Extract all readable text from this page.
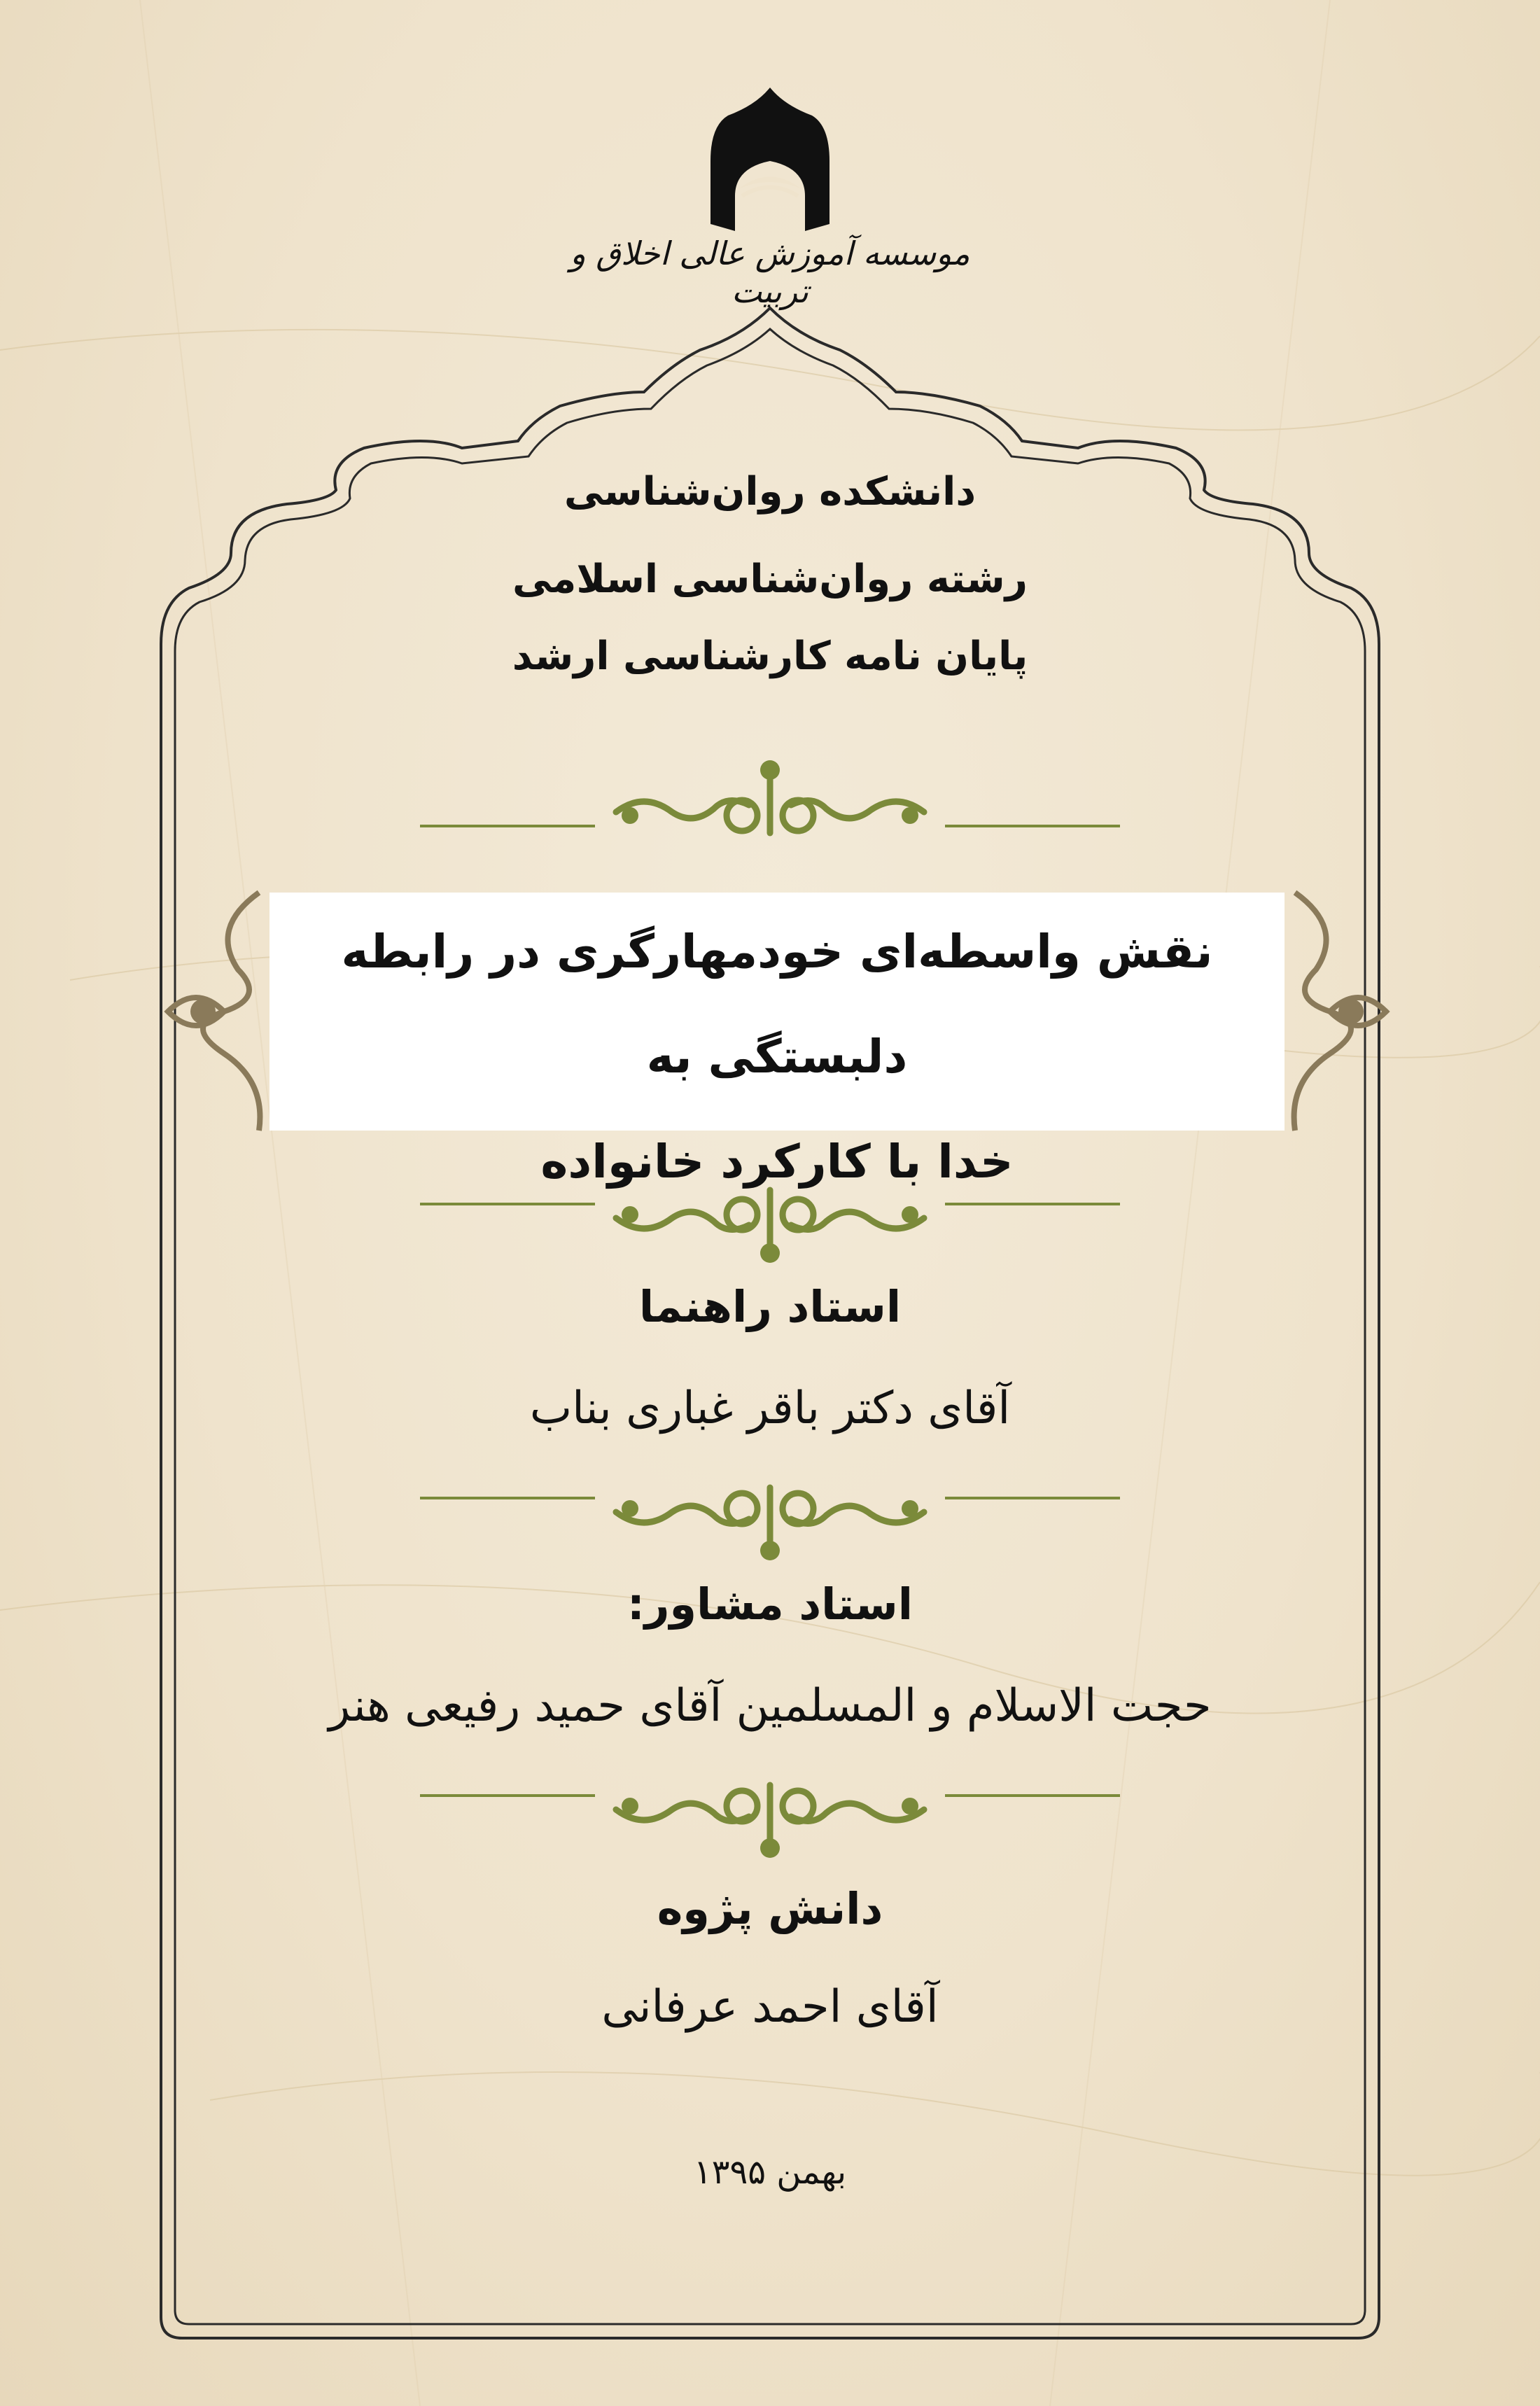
موسسه آموزش عالی اخلاق و تربیت
دانشکده روان‌شناسی
رشته روان‌شناسی اسلامی
پایان نامه کارشناسی ارشد
نقش واسطه‌ای خودمهارگری در رابطه دلبستگی به
خدا با کارکرد خانواده
استاد راهنما
آقای دکتر باقر غباری بناب
استاد مشاور:
حجت الاسلام و المسلمین آقای حمید رفیعی هنر
دانش پژوه
آقای احمد عرفانی
بهمن ۱۳۹۵
